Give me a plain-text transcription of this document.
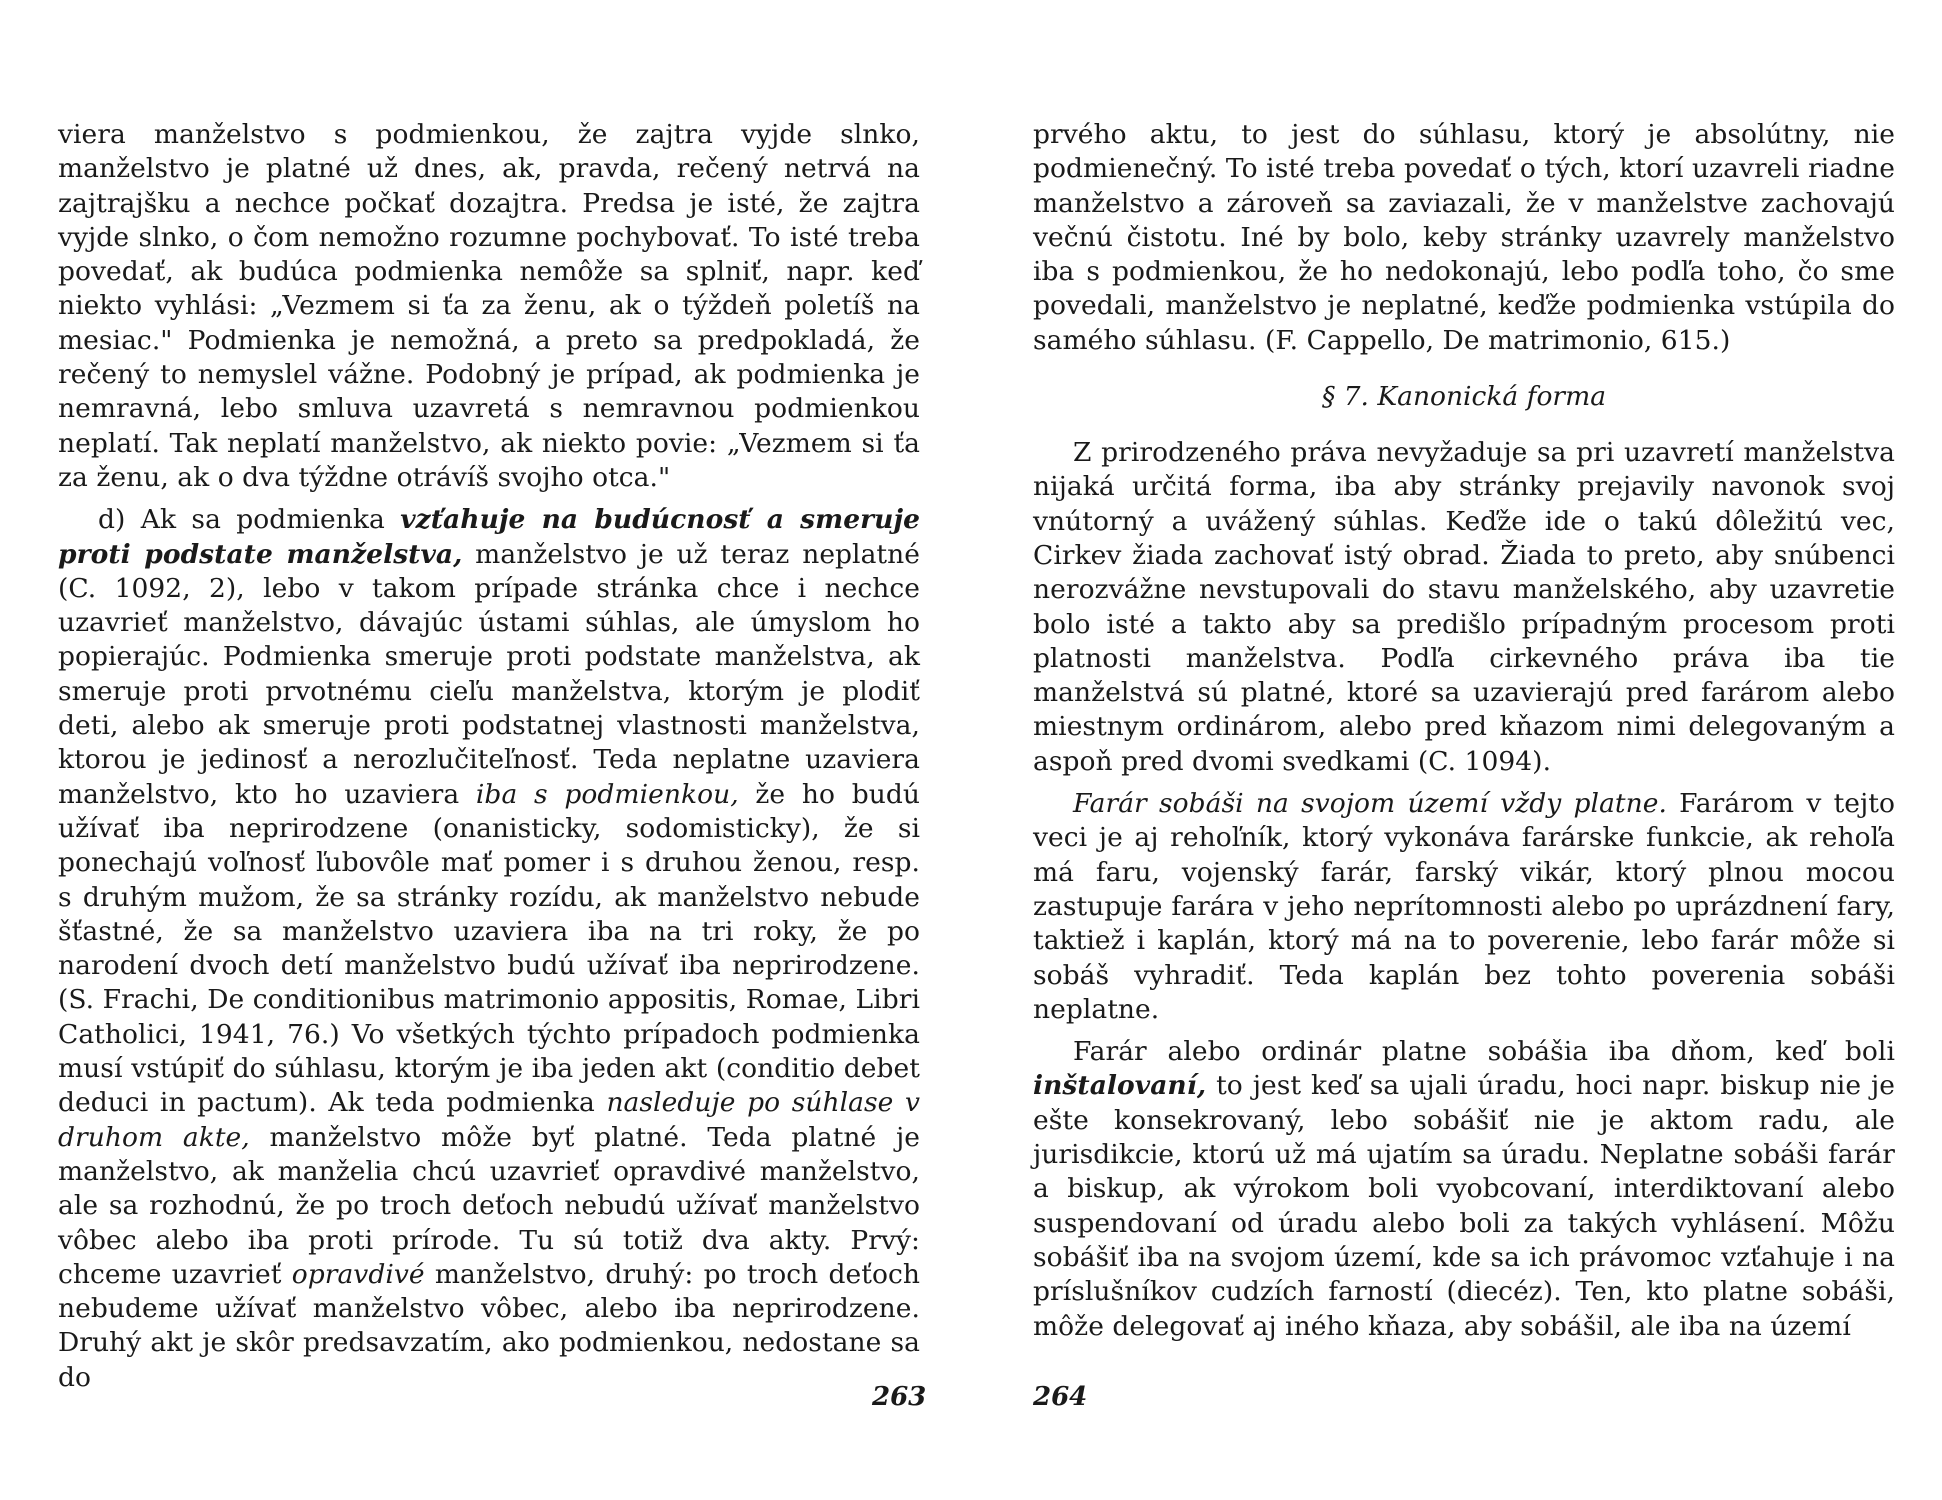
viera manželstvo s podmienkou, že zajtra vyjde slnko, manželstvo je platné už dnes, ak, pravda, rečený netrvá na zajtrajšku a nechce počkať dozajtra. Predsa je isté, že zajtra vyjde slnko, o čom nemožno rozumne pochybovať. To isté treba povedať, ak budúca podmienka nemôže sa splniť, napr. keď niekto vyhlási: „Vezmem si ťa za ženu, ak o týždeň poletíš na mesiac." Podmienka je nemožná, a preto sa predpokladá, že rečený to nemyslel vážne. Podobný je prípad, ak podmienka je nemravná, lebo smluva uzavretá s nemravnou podmienkou neplatí. Tak neplatí manželstvo, ak niekto povie: „Vezmem si ťa za ženu, ak o dva týždne otrávíš svojho otca."

d) Ak sa podmienka vzťahuje na budúcnosť a smeruje proti podstate manželstva, manželstvo je už teraz neplatné (C. 1092, 2), lebo v takom prípade stránka chce i nechce uzavrieť manželstvo, dávajúc ústami súhlas, ale úmyslom ho popierajúc. Podmienka smeruje proti podstate manželstva, ak smeruje proti prvotnému cieľu manželstva, ktorým je plodiť deti, alebo ak smeruje proti podstatnej vlastnosti manželstva, ktorou je jedinosť a nerozlučiteľnosť. Teda neplatne uzaviera manželstvo, kto ho uzaviera iba s podmienkou, že ho budú užívať iba neprirodzene (onanisticky, sodomisticky), že si ponechajú voľnosť ľubovôle mať pomer i s druhou ženou, resp. s druhým mužom, že sa stránky rozídu, ak manželstvo nebude šťastné, že sa manželstvo uzaviera iba na tri roky, že po narodení dvoch detí manželstvo budú užívať iba neprirodzene. (S. Frachi, De conditionibus matrimonio appositis, Romae, Libri Catholici, 1941, 76.) Vo všetkých týchto prípadoch podmienka musí vstúpiť do súhlasu, ktorým je iba jeden akt (conditio debet deduci in pactum). Ak teda podmienka nasleduje po súhlase v druhom akte, manželstvo môže byť platné. Teda platné je manželstvo, ak manželia chcú uzavrieť opravdivé manželstvo, ale sa rozhodnú, že po troch deťoch nebudú užívať manželstvo vôbec alebo iba proti prírode. Tu sú totiž dva akty. Prvý: chceme uzavrieť opravdivé manželstvo, druhý: po troch deťoch nebudeme užívať manželstvo vôbec, alebo iba neprirodzene. Druhý akt je skôr predsavzatím, ako podmienkou, nedostane sa do

prvého aktu, to jest do súhlasu, ktorý je absolútny, nie podmienečný. To isté treba povedať o tých, ktorí uzavreli riadne manželstvo a zároveň sa zaviazali, že v manželstve zachovajú večnú čistotu. Iné by bolo, keby stránky uzavrely manželstvo iba s podmienkou, že ho nedokonajú, lebo podľa toho, čo sme povedali, manželstvo je neplatné, keďže podmienka vstúpila do samého súhlasu. (F. Cappello, De matrimonio, 615.)

§ 7. Kanonická forma

Z prirodzeného práva nevyžaduje sa pri uzavretí manželstva nijaká určitá forma, iba aby stránky prejavily navonok svoj vnútorný a uvážený súhlas. Keďže ide o takú dôležitú vec, Cirkev žiada zachovať istý obrad. Žiada to preto, aby snúbenci nerozvážne nevstupovali do stavu manželského, aby uzavretie bolo isté a takto aby sa predišlo prípadným procesom proti platnosti manželstva. Podľa cirkevného práva iba tie manželstvá sú platné, ktoré sa uzavierajú pred farárom alebo miestnym ordinárom, alebo pred kňazom nimi delegovaným a aspoň pred dvomi svedkami (C. 1094).

Farár sobáši na svojom území vždy platne. Farárom v tejto veci je aj rehoľník, ktorý vykonáva farárske funkcie, ak rehoľa má faru, vojenský farár, farský vikár, ktorý plnou mocou zastupuje farára v jeho neprítomnosti alebo po uprázdnení fary, taktiež i kaplán, ktorý má na to poverenie, lebo farár môže si sobáš vyhradiť. Teda kaplán bez tohto poverenia sobáši neplatne.

Farár alebo ordinár platne sobášia iba dňom, keď boli inštalovaní, to jest keď sa ujali úradu, hoci napr. biskup nie je ešte konsekrovaný, lebo sobášiť nie je aktom radu, ale jurisdikcie, ktorú už má ujatím sa úradu. Neplatne sobáši farár a biskup, ak výrokom boli vyobcovaní, interdiktovaní alebo suspendovaní od úradu alebo boli za takých vyhlásení. Môžu sobášiť iba na svojom území, kde sa ich právomoc vzťahuje i na príslušníkov cudzích farností (diecéz). Ten, kto platne sobáši, môže delegovať aj iného kňaza, aby sobášil, ale iba na území

263	264
